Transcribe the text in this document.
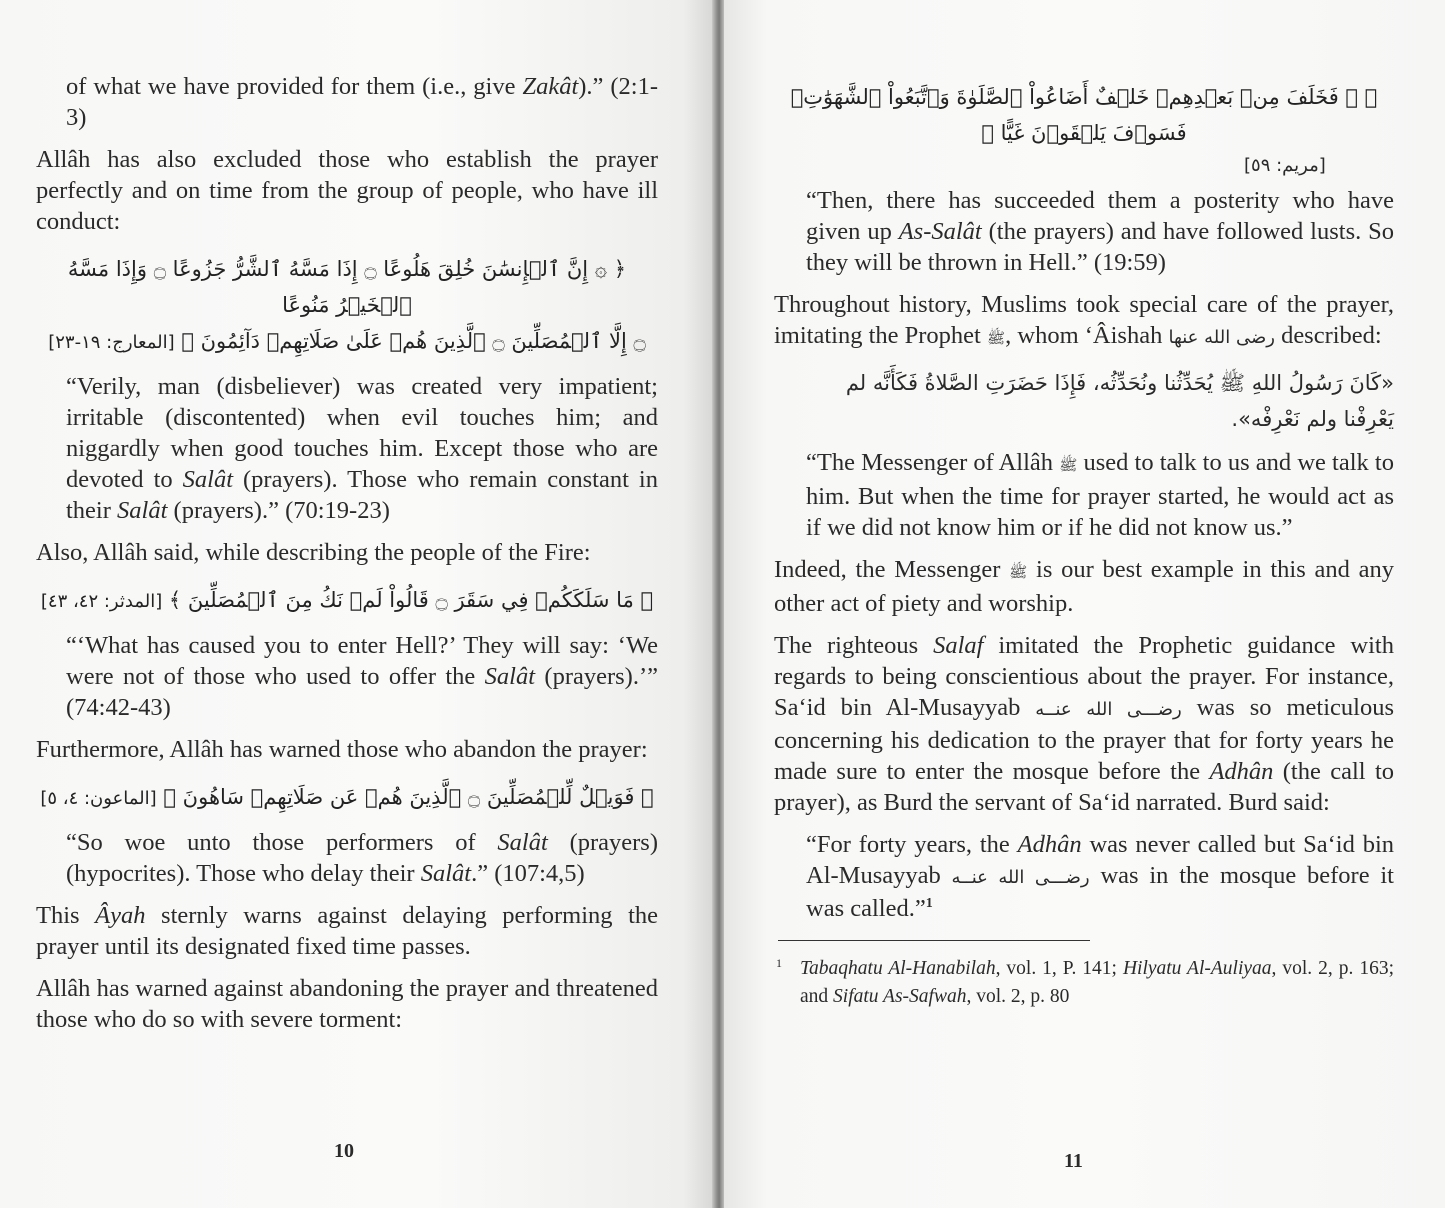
of what we have provided for them (i.e., give Zakât).” (2:1-3)

Allâh has also excluded those who establish the prayer perfectly and on time from the group of people, who have ill conduct:

﴿ ۞ إِنَّ ٱلۡإِنسَٰنَ خُلِقَ هَلُوعًا ۝ إِذَا مَسَّهُ ٱلشَّرُّ جَزُوعًا ۝ وَإِذَا مَسَّهُ ٱلۡخَيۡرُ مَنُوعًا
۝ إِلَّا ٱلۡمُصَلِّينَ ۝ ٱلَّذِينَ هُمۡ عَلَىٰ صَلَاتِهِمۡ دَآئِمُونَ ﴾ [المعارج: ١٩-٢٣]

“Verily, man (disbeliever) was created very impatient; irritable (discontented) when evil touches him; and niggardly when good touches him. Except those who are devoted to Salât (prayers). Those who remain constant in their Salât (prayers).” (70:19-23)

Also, Allâh said, while describing the people of the Fire:

﴿ مَا سَلَكَكُمۡ فِي سَقَرَ ۝ قَالُواْ لَمۡ نَكُ مِنَ ٱلۡمُصَلِّينَ ﴾ [المدثر: ٤٢، ٤٣]

“‘What has caused you to enter Hell?’ They will say: ‘We were not of those who used to offer the Salât (prayers).’” (74:42-43)

Furthermore, Allâh has warned those who abandon the prayer:

﴿ فَوَيۡلٌ لِّلۡمُصَلِّينَ ۝ ٱلَّذِينَ هُمۡ عَن صَلَاتِهِمۡ سَاهُونَ ﴾ [الماعون: ٤، ٥]

“So woe unto those performers of Salât (prayers) (hypocrites). Those who delay their Salât.” (107:4,5)

This Âyah sternly warns against delaying performing the prayer until its designated fixed time passes.

Allâh has warned against abandoning the prayer and threatened those who do so with severe torment:

10
﴿ ۞ فَخَلَفَ مِنۢ بَعۡدِهِمۡ خَلۡفٌ أَضَاعُواْ ٱلصَّلَوٰةَ وَٱتَّبَعُواْ ٱلشَّهَوَٰتِۖ فَسَوۡفَ يَلۡقَوۡنَ غَيًّا ﴾
[مريم: ٥٩]

“Then, there has succeeded them a posterity who have given up As-Salât (the prayers) and have followed lusts. So they will be thrown in Hell.” (19:59)

Throughout history, Muslims took special care of the prayer, imitating the Prophet ﷺ, whom ‘Âishah رضى الله عنها described:

«كَانَ رَسُولُ اللهِ ﷺ يُحَدِّثُنا ونُحَدِّثُه، فَإِذَا حَضَرَتِ الصَّلاةُ فَكَأَنَّه لم يَعْرِفْنا ولم نَعْرِفْه».

“The Messenger of Allâh ﷺ used to talk to us and we talk to him. But when the time for prayer started, he would act as if we did not know him or if he did not know us.”

Indeed, the Messenger ﷺ is our best example in this and any other act of piety and worship.

The righteous Salaf imitated the Prophetic guidance with regards to being conscientious about the prayer. For instance, Sa‘id bin Al-Musayyab رضـــى الله عنــه was so meticulous concerning his dedication to the prayer that for forty years he made sure to enter the mosque before the Adhân (the call to prayer), as Burd the servant of Sa‘id narrated. Burd said:

“For forty years, the Adhân was never called but Sa‘id bin Al-Musayyab رضـــى الله عنــه was in the mosque before it was called.”$^1$

1 Tabaqhatu Al-Hanabilah, vol. 1, P. 141; Hilyatu Al-Auliyaa, vol. 2, p. 163; and Sifatu As-Safwah, vol. 2, p. 80

11
